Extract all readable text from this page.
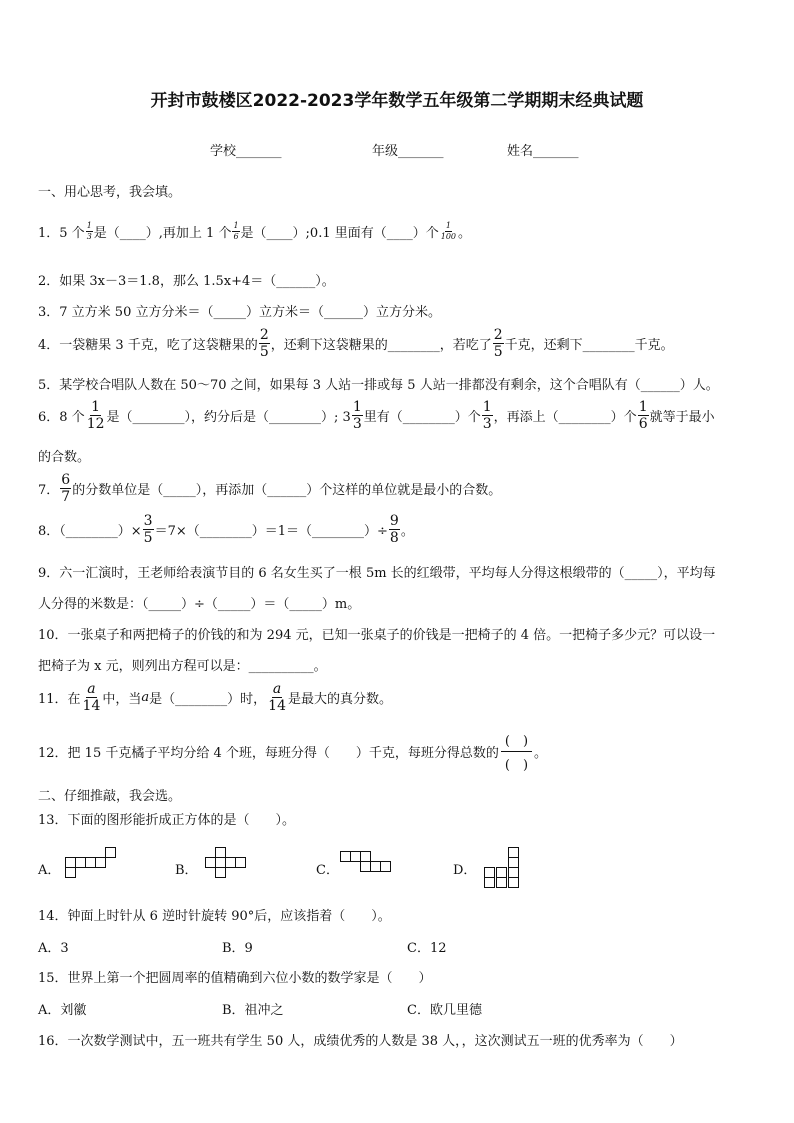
开封市鼓楼区2022-2023学年数学五年级第二学期期末经典试题
学校_______	年级_______	姓名_______
一、用心思考，我会填。
1．5 个 $\frac{1}{3}$ 是（____）,再加上 1 个 $\frac{1}{6}$ 是（____）;0.1 里面有（____）个 $\frac{1}{100}$ 。
2．如果 3x－3＝1.8，那么 1.5x+4＝（______）。
3．7 立方米 50 立方分米＝（_____）立方米＝（______）立方分米。
4．一袋糖果 3 千克，吃了这袋糖果的 $\frac{2}{5}$ ，还剩下这袋糖果的________，若吃了 $\frac{2}{5}$ 千克，还剩下________千克。
5．某学校合唱队人数在 50～70 之间，如果每 3 人站一排或每 5 人站一排都没有剩余，这个合唱队有（______）人。
6．8 个 $\frac{1}{12}$ 是（________），约分后是（________）; $3 \frac{1}{3}$ 里有（________）个 $\frac{1}{3}$ ，再添上（________）个 $\frac{1}{6}$ 就等于最小
的合数。
7． $\frac{6}{7}$ 的分数单位是（_____），再添加（______）个这样的单位就是最小的合数。
8．（________）× $\frac{3}{5}$ ＝7×（________）＝1＝（________）÷ $\frac{9}{8}$ 。
9．六一汇演时，王老师给表演节目的 6 名女生买了一根 5m 长的红缎带，平均每人分得这根缎带的（_____），平均每
人分得的米数是：（_____）÷（_____）＝（_____）m。
10．一张桌子和两把椅子的价钱的和为 294 元，已知一张桌子的价钱是一把椅子的 4 倍。一把椅子多少元？可以设一
把椅子为 x 元，则列出方程可以是：__________。
11．在 $\frac{a}{14}$ 中，当 a 是（________）时， $\frac{a}{14}$ 是最大的真分数。
12．把 15 千克橘子平均分给 4 个班，每班分得（　　）千克，每班分得总数的
(　)
(　)
。
二、仔细推敲，我会选。
13．下面的图形能折成正方体的是（　　）。
A．	B．	C．	D．
14．钟面上时针从 6 逆时针旋转 90°后，应该指着（　　）。
A．3	B．9	C．12
15．世界上第一个把圆周率的值精确到六位小数的数学家是（　　）
A．刘徽	B．祖冲之	C．欧几里德
16．一次数学测试中，五一班共有学生 50 人，成绩优秀的人数是 38 人，，这次测试五一班的优秀率为（　　）
